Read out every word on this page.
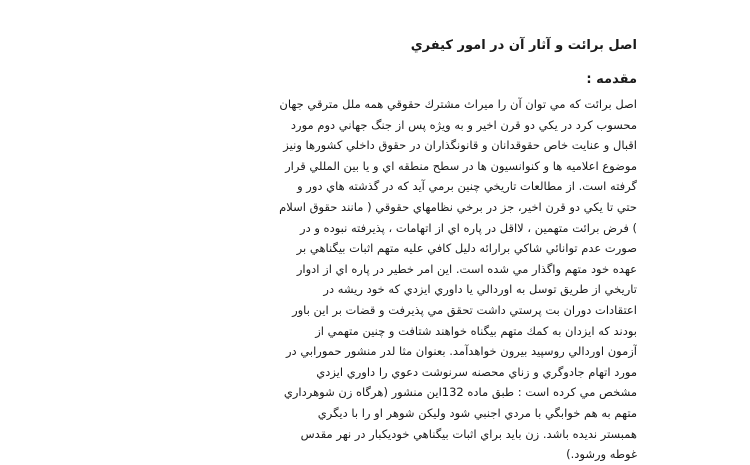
اصل برائت و آثار آن در امور کيفري
مقدمه :
اصل برائت که مي توان آن را ميراث مشترك حقوقي همه ملل مترقي جهان
محسوب کرد در يکي دو قرن اخير و به ويژه پس از جنگ جهاني دوم مورد
اقبال و عنايت خاص حقوقدانان و قانونگذاران در حقوق داخلي کشورها ونيز
موضوع اعلاميه ها و کنوانسيون ها در سطح منطقه اي و يا بين المللي قرار
گرفته است. از مطالعات تاريخي چنين برمي آيد که در گذشته هاي دور و
حتي تا يکي دو قرن اخير، جز در برخي نظامهاي حقوقي ( مانند حقوق اسلام
) فرض برائت متهمين ، لااقل در پاره اي از اتهامات ، پذيرفته نبوده و در
صورت عدم توانائي شاكي برارائه دليل كافي عليه متهم اثبات بيگناهي بر
عهده خود متهم واگذار مي شده است. اين امر خطير در پاره اي از ادوار
تاريخي از طريق توسل به اوردالي يا داوري ايزدي که خود ريشه در
اعتقادات دوران بت پرستي داشت تحقق مي پذيرفت و قضات بر اين باور
بودند که ايزدان به کمك متهم بيگناه خواهند شتافت و چنين متهمي از
آزمون اوردالي روسپيد بيرون خواهدآمد. بعنوان مثا لدر منشور حمورابي در
مورد اتهام جادوگري و زناي محصنه سرنوشت دعوي را داوري ايزدي
مشخص مي کرده است : طبق ماده 132اين منشور (هرگاه زن شوهرداري
متهم به هم خوابگي با مردي اجنبي شود وليکن شوهر او را با ديگري
همبستر نديده باشد. زن بايد براي اثبات بيگناهي خوديکبار در نهر مقدس
غوطه ورشود.)
